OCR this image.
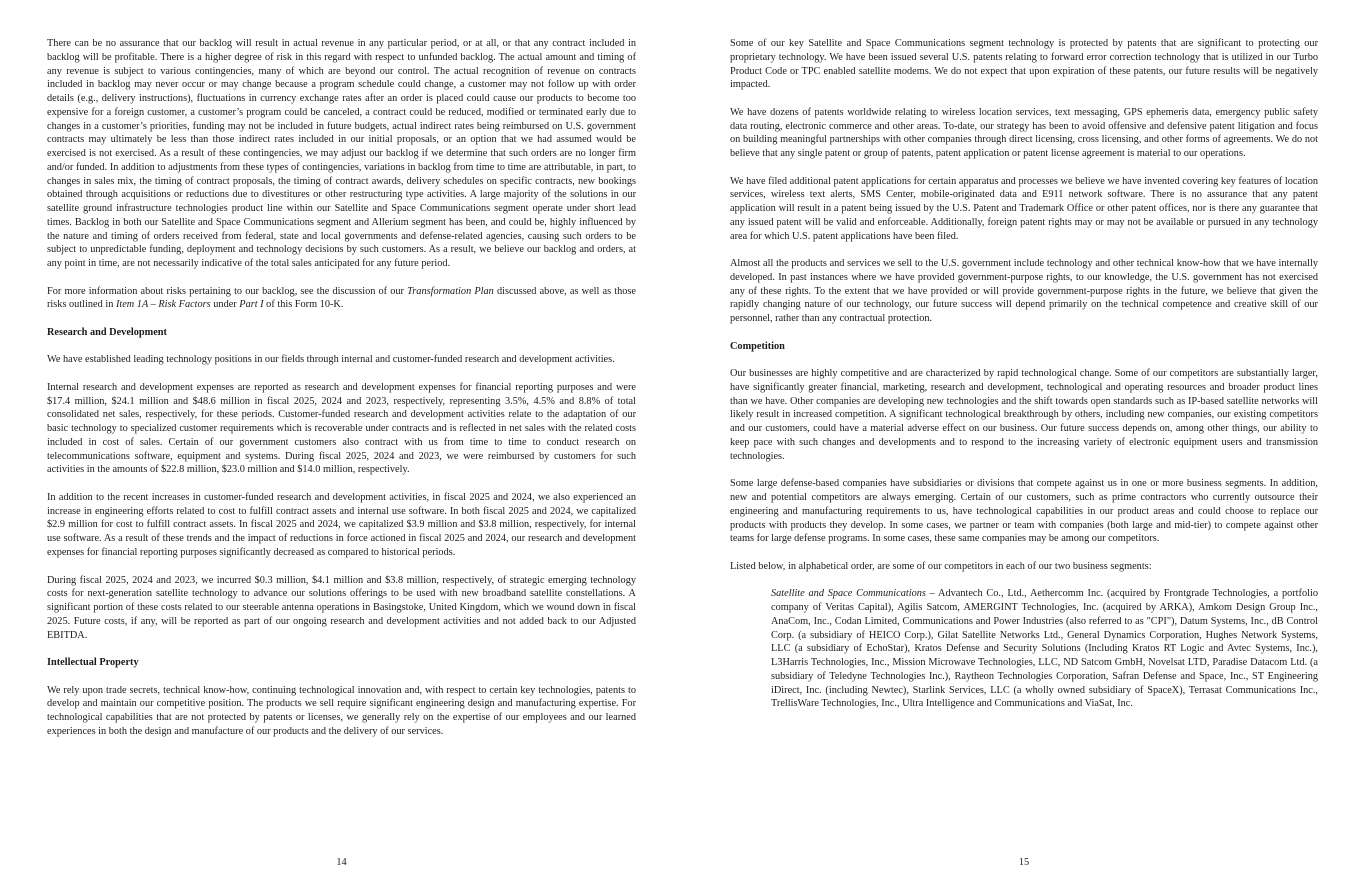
There can be no assurance that our backlog will result in actual revenue in any particular period, or at all, or that any contract included in backlog will be profitable. There is a higher degree of risk in this regard with respect to unfunded backlog. The actual amount and timing of any revenue is subject to various contingencies, many of which are beyond our control. The actual recognition of revenue on contracts included in backlog may never occur or may change because a program schedule could change, a customer may not follow up with order details (e.g., delivery instructions), fluctuations in currency exchange rates after an order is placed could cause our products to become too expensive for a foreign customer, a customer’s program could be canceled, a contract could be reduced, modified or terminated early due to changes in a customer’s priorities, funding may not be included in future budgets, actual indirect rates being reimbursed on U.S. government contracts may ultimately be less than those indirect rates included in our initial proposals, or an option that we had assumed would be exercised is not exercised. As a result of these contingencies, we may adjust our backlog if we determine that such orders are no longer firm and/or funded. In addition to adjustments from these types of contingencies, variations in backlog from time to time are attributable, in part, to changes in sales mix, the timing of contract proposals, the timing of contract awards, delivery schedules on specific contracts, new bookings obtained through acquisitions or reductions due to divestitures or other restructuring type activities. A large majority of the solutions in our satellite ground infrastructure technologies product line within our Satellite and Space Communications segment operate under short lead times. Backlog in both our Satellite and Space Communications segment and Allerium segment has been, and could be, highly influenced by the nature and timing of orders received from federal, state and local governments and defense-related agencies, causing such orders to be subject to unpredictable funding, deployment and technology decisions by such customers. As a result, we believe our backlog and orders, at any point in time, are not necessarily indicative of the total sales anticipated for any future period.

For more information about risks pertaining to our backlog, see the discussion of our Transformation Plan discussed above, as well as those risks outlined in Item 1A – Risk Factors under Part I of this Form 10-K.

Research and Development

We have established leading technology positions in our fields through internal and customer-funded research and development activities.

Internal research and development expenses are reported as research and development expenses for financial reporting purposes and were $17.4 million, $24.1 million and $48.6 million in fiscal 2025, 2024 and 2023, respectively, representing 3.5%, 4.5% and 8.8% of total consolidated net sales, respectively, for these periods. Customer-funded research and development activities relate to the adaptation of our basic technology to specialized customer requirements which is recoverable under contracts and is reflected in net sales with the related costs included in cost of sales. Certain of our government customers also contract with us from time to time to conduct research on telecommunications software, equipment and systems. During fiscal 2025, 2024 and 2023, we were reimbursed by customers for such activities in the amounts of $22.8 million, $23.0 million and $14.0 million, respectively.

In addition to the recent increases in customer-funded research and development activities, in fiscal 2025 and 2024, we also experienced an increase in engineering efforts related to cost to fulfill contract assets and internal use software. In both fiscal 2025 and 2024, we capitalized $2.9 million for cost to fulfill contract assets. In fiscal 2025 and 2024, we capitalized $3.9 million and $3.8 million, respectively, for internal use software. As a result of these trends and the impact of reductions in force actioned in fiscal 2025 and 2024, our research and development expenses for financial reporting purposes significantly decreased as compared to historical periods.

During fiscal 2025, 2024 and 2023, we incurred $0.3 million, $4.1 million and $3.8 million, respectively, of strategic emerging technology costs for next-generation satellite technology to advance our solutions offerings to be used with new broadband satellite constellations. A significant portion of these costs related to our steerable antenna operations in Basingstoke, United Kingdom, which we wound down in fiscal 2025. Future costs, if any, will be reported as part of our ongoing research and development activities and not added back to our Adjusted EBITDA.

Intellectual Property

We rely upon trade secrets, technical know-how, continuing technological innovation and, with respect to certain key technologies, patents to develop and maintain our competitive position. The products we sell require significant engineering design and manufacturing expertise. For technological capabilities that are not protected by patents or licenses, we generally rely on the expertise of our employees and our learned experiences in both the design and manufacture of our products and the delivery of our services.

14

Some of our key Satellite and Space Communications segment technology is protected by patents that are significant to protecting our proprietary technology. We have been issued several U.S. patents relating to forward error correction technology that is utilized in our Turbo Product Code or TPC enabled satellite modems. We do not expect that upon expiration of these patents, our future results will be negatively impacted.

We have dozens of patents worldwide relating to wireless location services, text messaging, GPS ephemeris data, emergency public safety data routing, electronic commerce and other areas. To-date, our strategy has been to avoid offensive and defensive patent litigation and focus on building meaningful partnerships with other companies through direct licensing, cross licensing, and other forms of agreements. We do not believe that any single patent or group of patents, patent application or patent license agreement is material to our operations.

We have filed additional patent applications for certain apparatus and processes we believe we have invented covering key features of location services, wireless text alerts, SMS Center, mobile-originated data and E911 network software. There is no assurance that any patent application will result in a patent being issued by the U.S. Patent and Trademark Office or other patent offices, nor is there any guarantee that any issued patent will be valid and enforceable. Additionally, foreign patent rights may or may not be available or pursued in any technology area for which U.S. patent applications have been filed.

Almost all the products and services we sell to the U.S. government include technology and other technical know-how that we have internally developed. In past instances where we have provided government-purpose rights, to our knowledge, the U.S. government has not exercised any of these rights. To the extent that we have provided or will provide government-purpose rights in the future, we believe that given the rapidly changing nature of our technology, our future success will depend primarily on the technical competence and creative skill of our personnel, rather than any contractual protection.

Competition

Our businesses are highly competitive and are characterized by rapid technological change. Some of our competitors are substantially larger, have significantly greater financial, marketing, research and development, technological and operating resources and broader product lines than we have. Other companies are developing new technologies and the shift towards open standards such as IP-based satellite networks will likely result in increased competition. A significant technological breakthrough by others, including new companies, our existing competitors and our customers, could have a material adverse effect on our business. Our future success depends on, among other things, our ability to keep pace with such changes and developments and to respond to the increasing variety of electronic equipment users and transmission technologies.

Some large defense-based companies have subsidiaries or divisions that compete against us in one or more business segments. In addition, new and potential competitors are always emerging. Certain of our customers, such as prime contractors who currently outsource their engineering and manufacturing requirements to us, have technological capabilities in our product areas and could choose to replace our products with products they develop. In some cases, we partner or team with companies (both large and mid-tier) to compete against other teams for large defense programs. In some cases, these same companies may be among our competitors.

Listed below, in alphabetical order, are some of our competitors in each of our two business segments:

Satellite and Space Communications – Advantech Co., Ltd., Aethercomm Inc. (acquired by Frontgrade Technologies, a portfolio company of Veritas Capital), Agilis Satcom, AMERGINT Technologies, Inc. (acquired by ARKA), Amkom Design Group Inc., AnaCom, Inc., Codan Limited, Communications and Power Industries (also referred to as "CPI"), Datum Systems, Inc., dB Control Corp. (a subsidiary of HEICO Corp.), Gilat Satellite Networks Ltd., General Dynamics Corporation, Hughes Network Systems, LLC (a subsidiary of EchoStar), Kratos Defense and Security Solutions (Including Kratos RT Logic and Avtec Systems, Inc.), L3Harris Technologies, Inc., Mission Microwave Technologies, LLC, ND Satcom GmbH, Novelsat LTD, Paradise Datacom Ltd. (a subsidiary of Teledyne Technologies Inc.), Raytheon Technologies Corporation, Safran Defense and Space, Inc., ST Engineering iDirect, Inc. (including Newtec), Starlink Services, LLC (a wholly owned subsidiary of SpaceX), Terrasat Communications Inc., TrellisWare Technologies, Inc., Ultra Intelligence and Communications and ViaSat, Inc.

15
